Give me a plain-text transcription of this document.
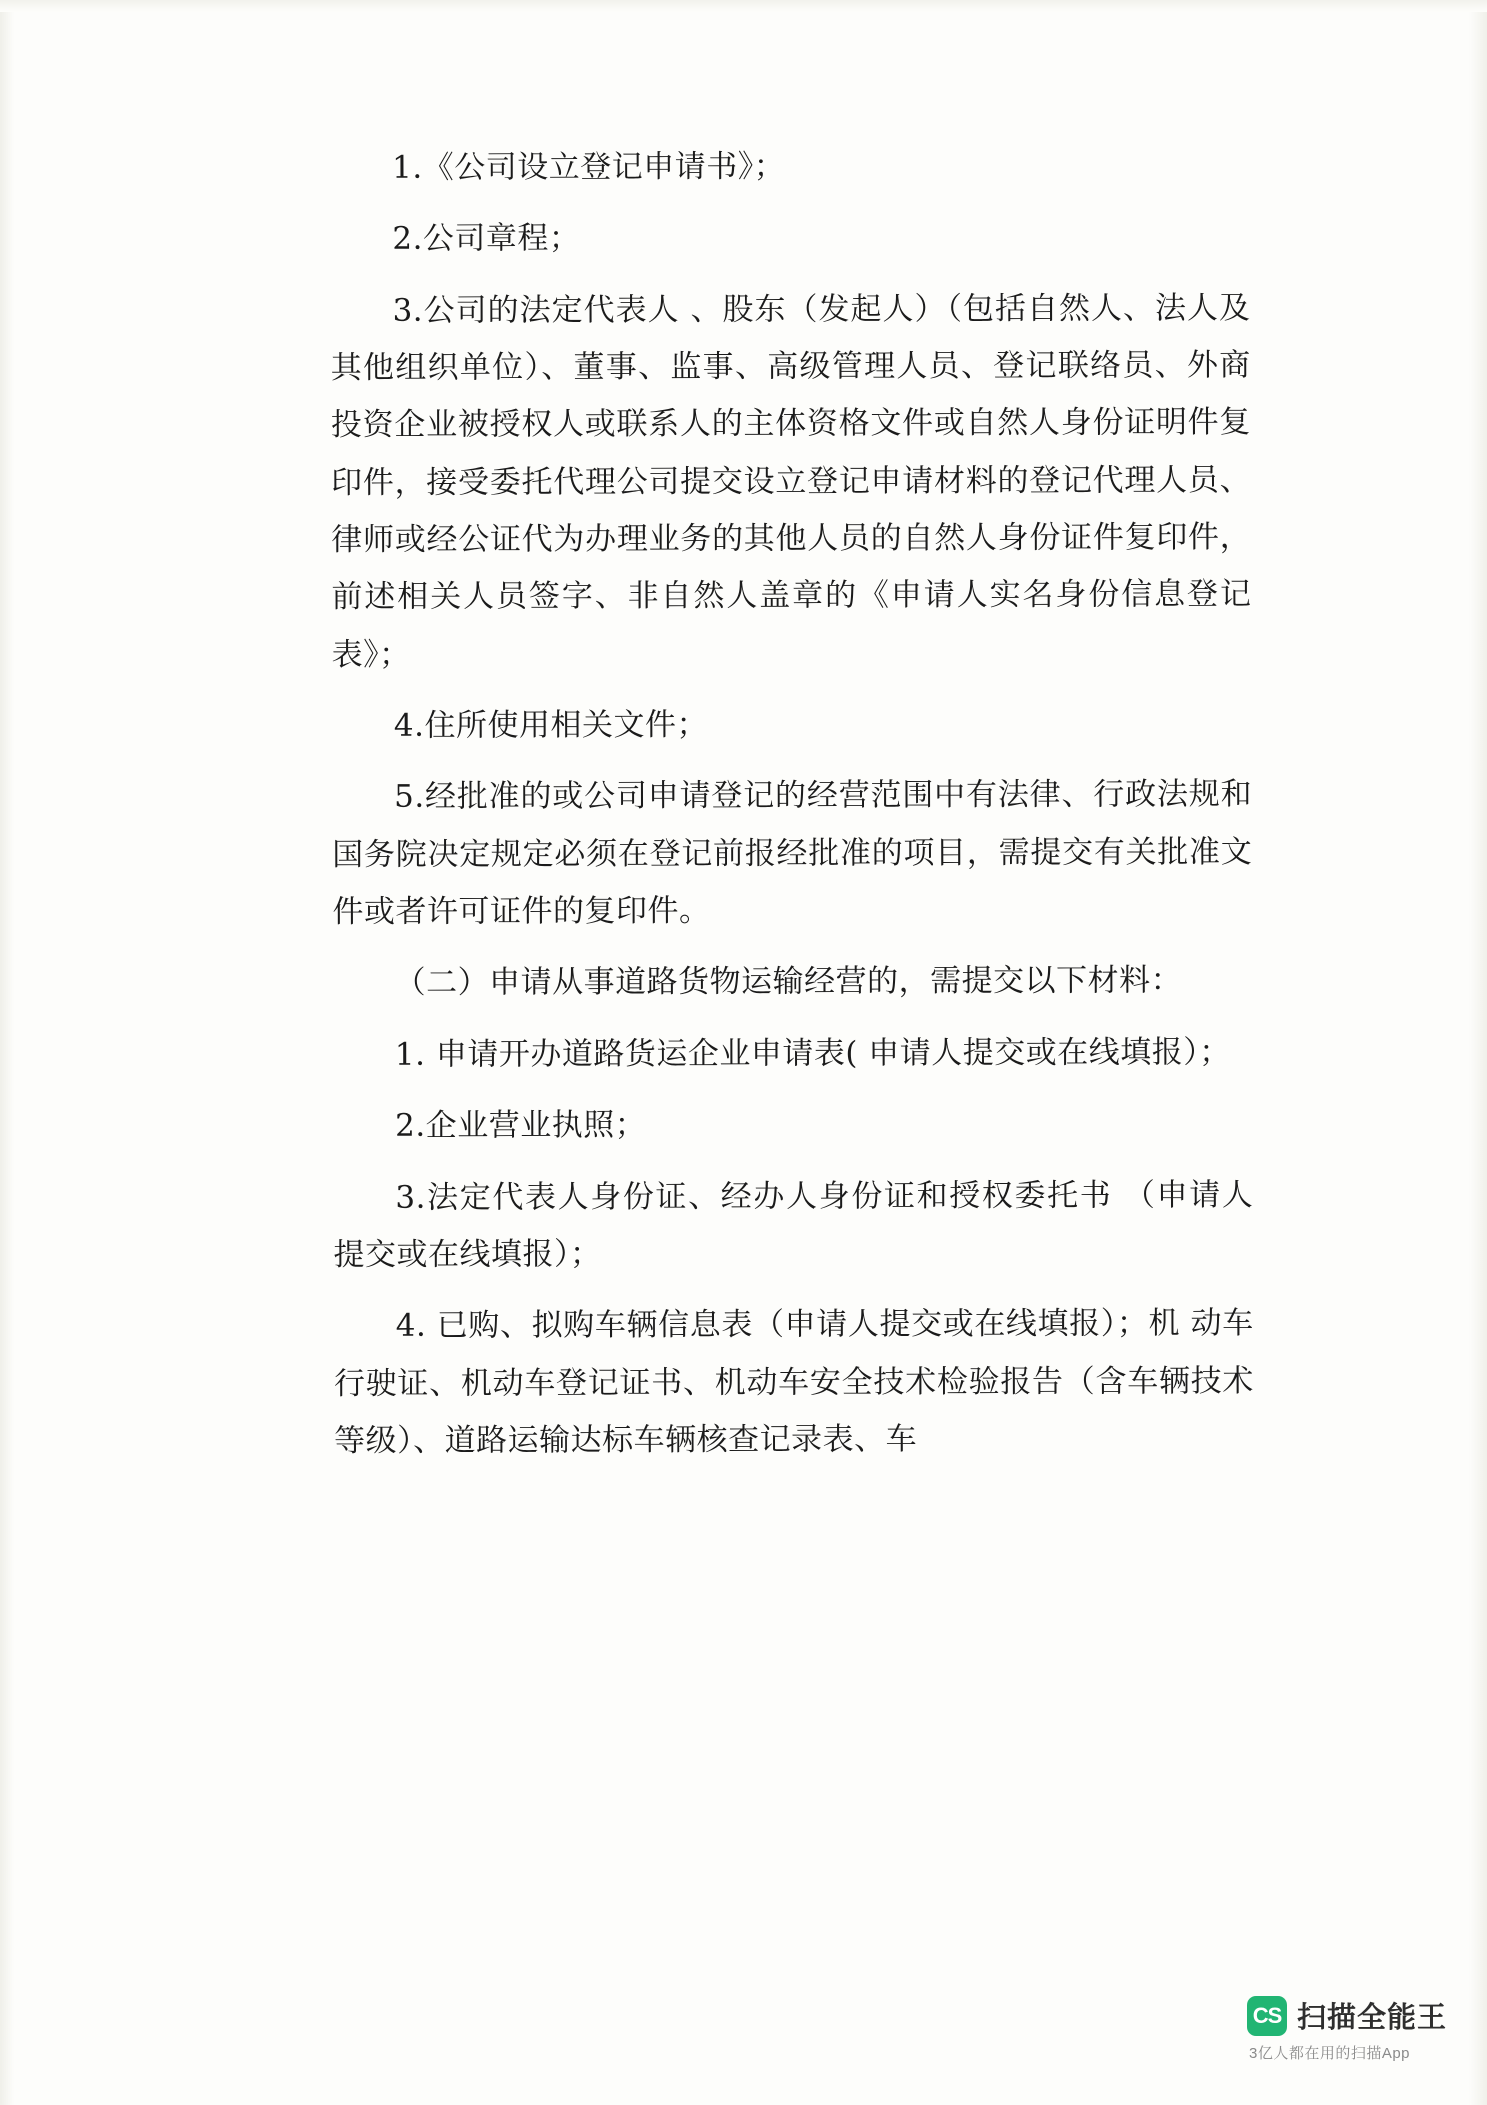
1.《公司设立登记申请书》；

2.公司章程；

3.公司的法定代表人 、股东（发起人）（包括自然人、法人及其他组织单位）、董事、监事、高级管理人员、登记联络员、外商投资企业被授权人或联系人的主体资格文件或自然人身份证明件复印件，接受委托代理公司提交设立登记申请材料的登记代理人员、律师或经公证代为办理业务的其他人员的自然人身份证件复印件，前述相关人员签字、非自然人盖章的《申请人实名身份信息登记表》；

4.住所使用相关文件；

5.经批准的或公司申请登记的经营范围中有法律、行政法规和国务院决定规定必须在登记前报经批准的项目，需提交有关批准文件或者许可证件的复印件。

（二）申请从事道路货物运输经营的，需提交以下材料：

1. 申请开办道路货运企业申请表( 申请人提交或在线填报）；

2.企业营业执照；

3.法定代表人身份证、经办人身份证和授权委托书 （申请人提交或在线填报）；

4. 已购、拟购车辆信息表（申请人提交或在线填报）；机 动车行驶证、机动车登记证书、机动车安全技术检验报告（含车辆技术等级）、道路运输达标车辆核查记录表、车

CS 扫描全能王
3亿人都在用的扫描App
